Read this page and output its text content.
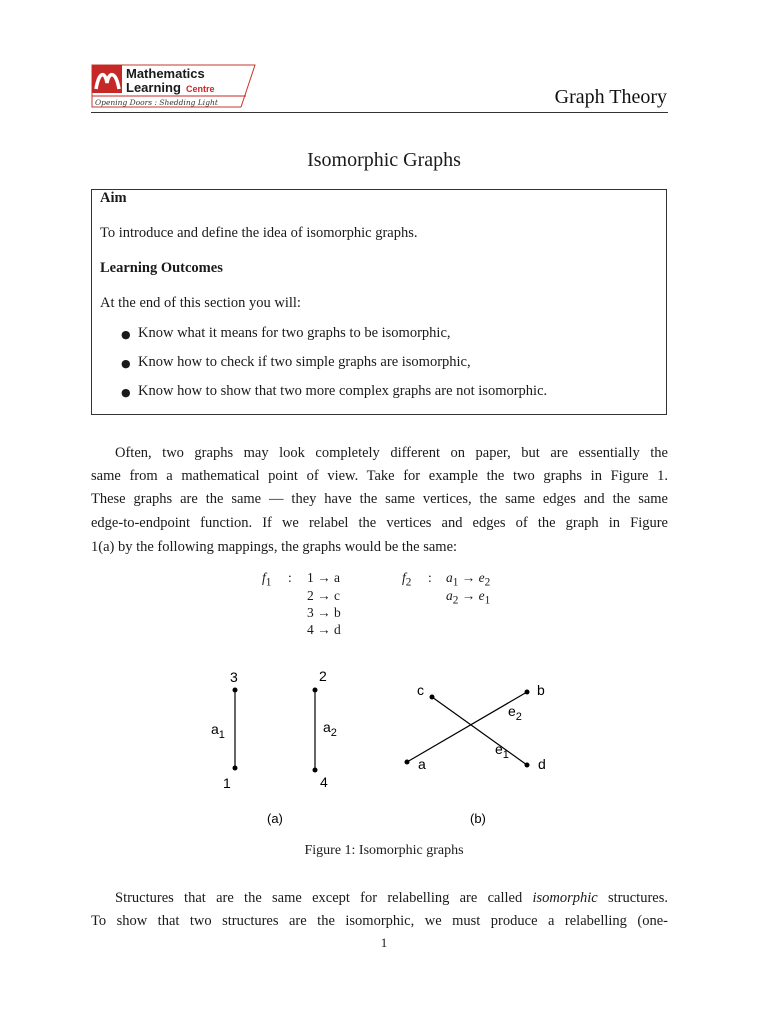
Mathematics
Learning Centre
Opening Doors : Shedding Light	Graph Theory
Isomorphic Graphs
Aim
To introduce and define the idea of isomorphic graphs.
Learning Outcomes
At the end of this section you will:
● Know what it means for two graphs to be isomorphic,
● Know how to check if two simple graphs are isomorphic,
● Know how to show that two more complex graphs are not isomorphic.
Often, two graphs may look completely different on paper, but are essentially the
same from a mathematical point of view. Take for example the two graphs in Figure 1.
These graphs are the same — they have the same vertices, the same edges and the same
edge-to-endpoint function. If we relabel the vertices and edges of the graph in Figure
1(a) by the following mappings, the graphs would be the same:
$f_1$ : 1 → a
2 → c
3 → b
4 → d
$f_2$ : $a_1 \to e_2$
$a_2 \to e_1$
3
1
$a_1$
2
4
$a_2$
c	b
a	d
$e_2$
$e_1$
(a)	(b)
Figure 1: Isomorphic graphs
Structures that are the same except for relabelling are called isomorphic structures.
To show that two structures are the isomorphic, we must produce a relabelling (one-
1
